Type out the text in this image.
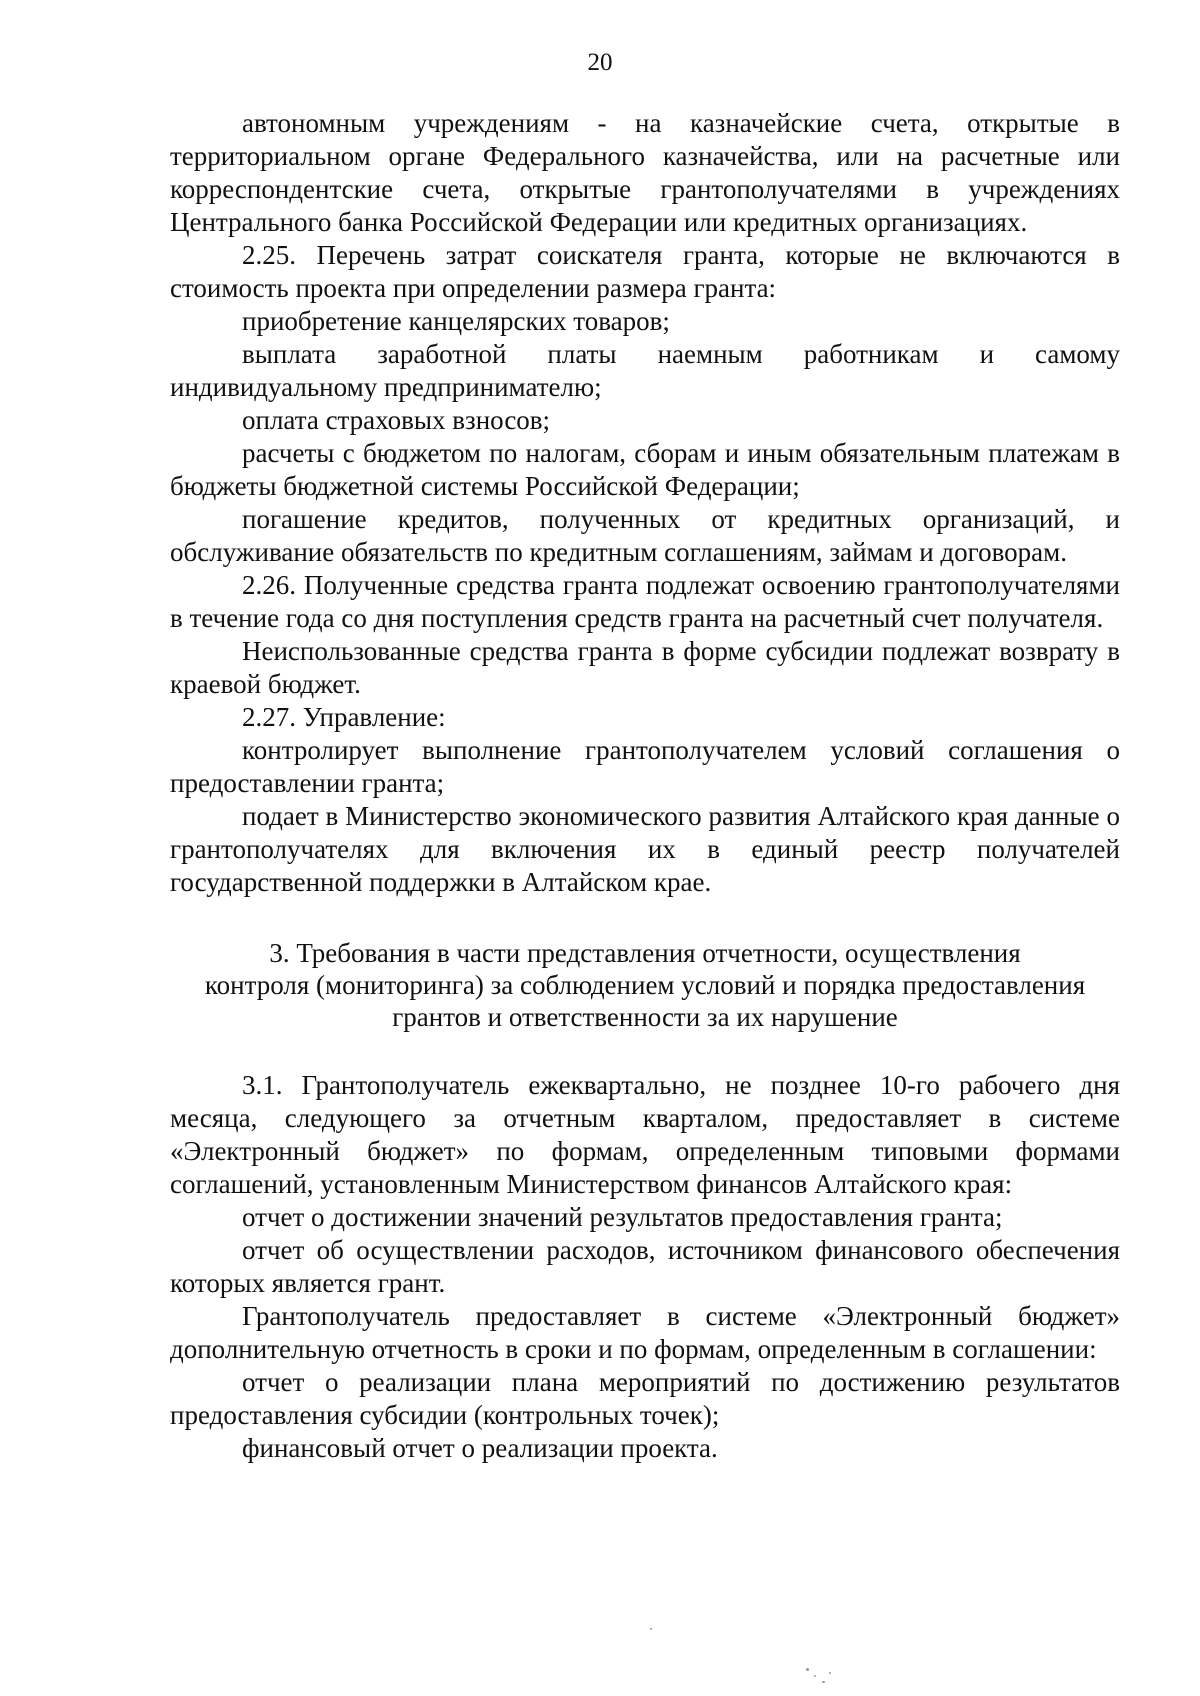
20

автономным учреждениям - на казначейские счета, открытые в территориальном органе Федерального казначейства, или на расчетные или корреспондентские счета, открытые грантополучателями в учреждениях Центрального банка Российской Федерации или кредитных организациях.

2.25. Перечень затрат соискателя гранта, которые не включаются в стоимость проекта при определении размера гранта:

приобретение канцелярских товаров;

выплата заработной платы наемным работникам и самому индивидуальному предпринимателю;

оплата страховых взносов;

расчеты с бюджетом по налогам, сборам и иным обязательным платежам в бюджеты бюджетной системы Российской Федерации;

погашение кредитов, полученных от кредитных организаций, и обслуживание обязательств по кредитным соглашениям, займам и договорам.

2.26. Полученные средства гранта подлежат освоению грантополучателями в течение года со дня поступления средств гранта на расчетный счет получателя.

Неиспользованные средства гранта в форме субсидии подлежат возврату в краевой бюджет.

2.27. Управление:

контролирует выполнение грантополучателем условий соглашения о предоставлении гранта;

подает в Министерство экономического развития Алтайского края данные о грантополучателях для включения их в единый реестр получателей государственной поддержки в Алтайском крае.

3. Требования в части представления отчетности, осуществления
контроля (мониторинга) за соблюдением условий и порядка предоставления
грантов и ответственности за их нарушение

3.1. Грантополучатель ежеквартально, не позднее 10-го рабочего дня месяца, следующего за отчетным кварталом, предоставляет в системе «Электронный бюджет» по формам, определенным типовыми формами соглашений, установленным Министерством финансов Алтайского края:

отчет о достижении значений результатов предоставления гранта;

отчет об осуществлении расходов, источником финансового обеспечения которых является грант.

Грантополучатель предоставляет в системе «Электронный бюджет» дополнительную отчетность в сроки и по формам, определенным в соглашении:

отчет о реализации плана мероприятий по достижению результатов предоставления субсидии (контрольных точек);

финансовый отчет о реализации проекта.
